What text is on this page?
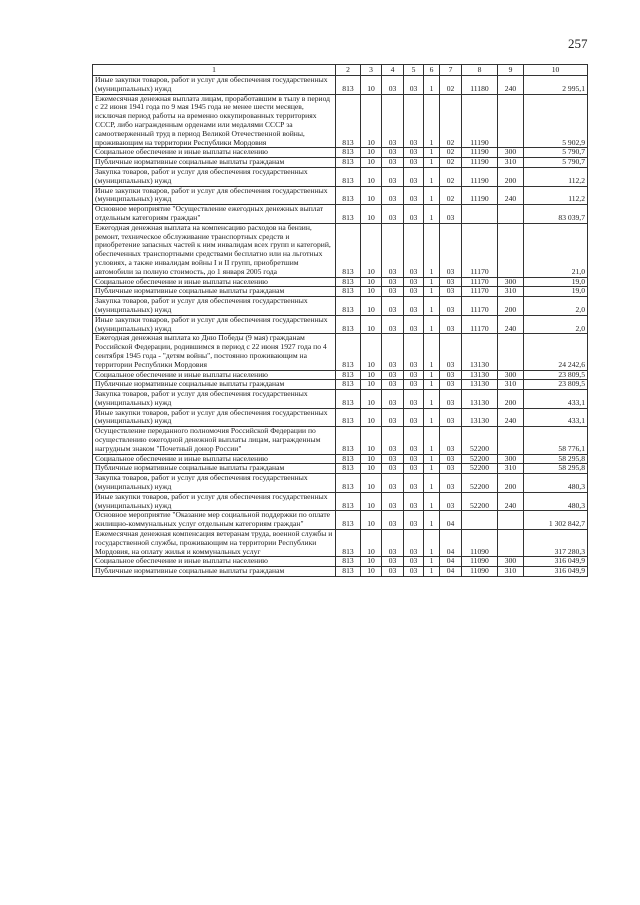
257
1	2	3	4	5	6	7	8	9	10
Иные закупки товаров, работ и услуг для обеспечения государственных (муниципальных) нужд	813	10	03	03	1	02	11180	240	2 995,1
Ежемесячная денежная выплата лицам, проработавшим в тылу в период с 22 июня 1941 года по 9 мая 1945 года не менее шести месяцев, исключая период работы на временно оккупированных территориях СССР, либо награжденным орденами или медалями СССР за самоотверженный труд в период Великой Отечественной войны, проживающим на территории Республики Мордовия	813	10	03	03	1	02	11190		5 902,9
Социальное обеспечение и иные выплаты населению	813	10	03	03	1	02	11190	300	5 790,7
Публичные нормативные социальные выплаты гражданам	813	10	03	03	1	02	11190	310	5 790,7
Закупка товаров, работ и услуг для обеспечения государственных (муниципальных) нужд	813	10	03	03	1	02	11190	200	112,2
Иные закупки товаров, работ и услуг для обеспечения государственных (муниципальных) нужд	813	10	03	03	1	02	11190	240	112,2
Основное мероприятие "Осуществление ежегодных денежных выплат отдельным категориям граждан"	813	10	03	03	1	03			83 039,7
Ежегодная денежная выплата на компенсацию расходов на бензин, ремонт, техническое обслуживание транспортных средств и приобретение запасных частей к ним инвалидам всех групп и категорий, обеспеченных транспортными средствами бесплатно или на льготных условиях, а также инвалидам войны I и II групп, приобретшим автомобили за полную стоимость, до 1 января 2005 года	813	10	03	03	1	03	11170		21,0
Социальное обеспечение и иные выплаты населению	813	10	03	03	1	03	11170	300	19,0
Публичные нормативные социальные выплаты гражданам	813	10	03	03	1	03	11170	310	19,0
Закупка товаров, работ и услуг для обеспечения государственных (муниципальных) нужд	813	10	03	03	1	03	11170	200	2,0
Иные закупки товаров, работ и услуг для обеспечения государственных (муниципальных) нужд	813	10	03	03	1	03	11170	240	2,0
Ежегодная денежная выплата ко Дню Победы (9 мая) гражданам Российской Федерации, родившимся в период с 22 июня 1927 года по 4 сентября 1945 года - "детям войны", постоянно проживающим на территории Республики Мордовия	813	10	03	03	1	03	13130		24 242,6
Социальное обеспечение и иные выплаты населению	813	10	03	03	1	03	13130	300	23 809,5
Публичные нормативные социальные выплаты гражданам	813	10	03	03	1	03	13130	310	23 809,5
Закупка товаров, работ и услуг для обеспечения государственных (муниципальных) нужд	813	10	03	03	1	03	13130	200	433,1
Иные закупки товаров, работ и услуг для обеспечения государственных (муниципальных) нужд	813	10	03	03	1	03	13130	240	433,1
Осуществление переданного полномочия Российской Федерации по осуществлению ежегодной денежной выплаты лицам, награжденным нагрудным знаком "Почетный донор России"	813	10	03	03	1	03	52200		58 776,1
Социальное обеспечение и иные выплаты населению	813	10	03	03	1	03	52200	300	58 295,8
Публичные нормативные социальные выплаты гражданам	813	10	03	03	1	03	52200	310	58 295,8
Закупка товаров, работ и услуг для обеспечения государственных (муниципальных) нужд	813	10	03	03	1	03	52200	200	480,3
Иные закупки товаров, работ и услуг для обеспечения государственных (муниципальных) нужд	813	10	03	03	1	03	52200	240	480,3
Основное мероприятие "Оказание мер социальной поддержки по оплате жилищно-коммунальных услуг отдельным категориям граждан"	813	10	03	03	1	04			1 302 842,7
Ежемесячная денежная компенсация ветеранам труда, военной службы и государственной службы, проживающим на территории Республики Мордовия, на оплату жилья и коммунальных услуг	813	10	03	03	1	04	11090		317 280,3
Социальное обеспечение и иные выплаты населению	813	10	03	03	1	04	11090	300	316 049,9
Публичные нормативные социальные выплаты гражданам	813	10	03	03	1	04	11090	310	316 049,9
